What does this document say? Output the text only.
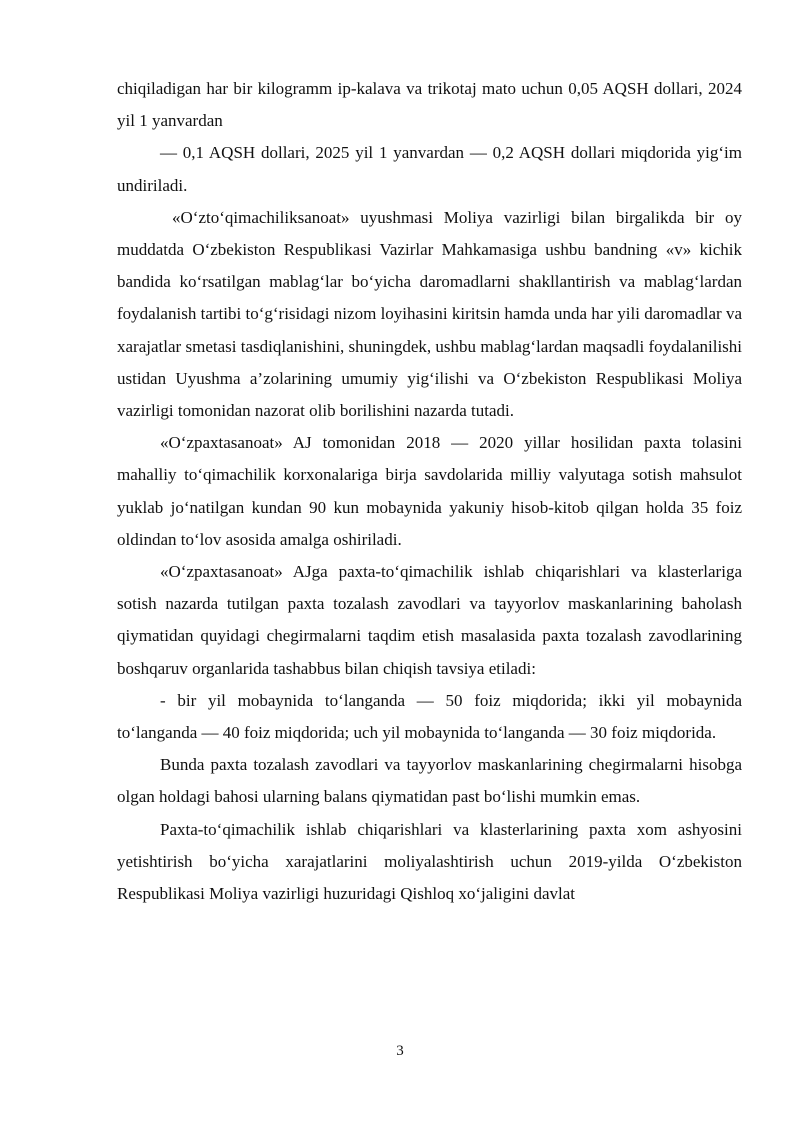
chiqiladigan har bir kilogramm ip-kalava va trikotaj mato uchun 0,05 AQSH dollari, 2024 yil 1 yanvardan

— 0,1 AQSH dollari, 2025 yil 1 yanvardan — 0,2 AQSH dollari miqdorida yig‘im undiriladi.

«O‘zto‘qimachiliksanoat» uyushmasi Moliya vazirligi bilan birgalikda bir oy muddatda O‘zbekiston Respublikasi Vazirlar Mahkamasiga ushbu bandning «v» kichik bandida ko‘rsatilgan mablag‘lar bo‘yicha daromadlarni shakllantirish va mablag‘lardan foydalanish tartibi to‘g‘risidagi nizom loyihasini kiritsin hamda unda har yili daromadlar va xarajatlar smetasi tasdiqlanishini, shuningdek, ushbu mablag‘lardan maqsadli foydalanilishi ustidan Uyushma a’zolarining umumiy yig‘ilishi va O‘zbekiston Respublikasi Moliya vazirligi tomonidan nazorat olib borilishini nazarda tutadi.

«O‘zpaxtasanoat» AJ tomonidan 2018 — 2020 yillar hosilidan paxta tolasini mahalliy to‘qimachilik korxonalariga birja savdolarida milliy valyutaga sotish mahsulot yuklab jo‘natilgan kundan 90 kun mobaynida yakuniy hisob-kitob qilgan holda 35 foiz oldindan to‘lov asosida amalga oshiriladi.

«O‘zpaxtasanoat» AJga paxta-to‘qimachilik ishlab chiqarishlari va klasterlariga sotish nazarda tutilgan paxta tozalash zavodlari va tayyorlov maskanlarining baholash qiymatidan quyidagi chegirmalarni taqdim etish masalasida paxta tozalash zavodlarining boshqaruv organlarida tashabbus bilan chiqish tavsiya etiladi:

- bir yil mobaynida to‘langanda — 50 foiz miqdorida; ikki yil mobaynida to‘langanda — 40 foiz miqdorida; uch yil mobaynida to‘langanda — 30 foiz miqdorida.

Bunda paxta tozalash zavodlari va tayyorlov maskanlarining chegirmalarni hisobga olgan holdagi bahosi ularning balans qiymatidan past bo‘lishi mumkin emas.

Paxta-to‘qimachilik ishlab chiqarishlari va klasterlarining paxta xom ashyosini yetishtirish bo‘yicha xarajatlarini moliyalashtirish uchun 2019-yilda O‘zbekiston Respublikasi Moliya vazirligi huzuridagi Qishloq xo‘jaligini davlat

3
